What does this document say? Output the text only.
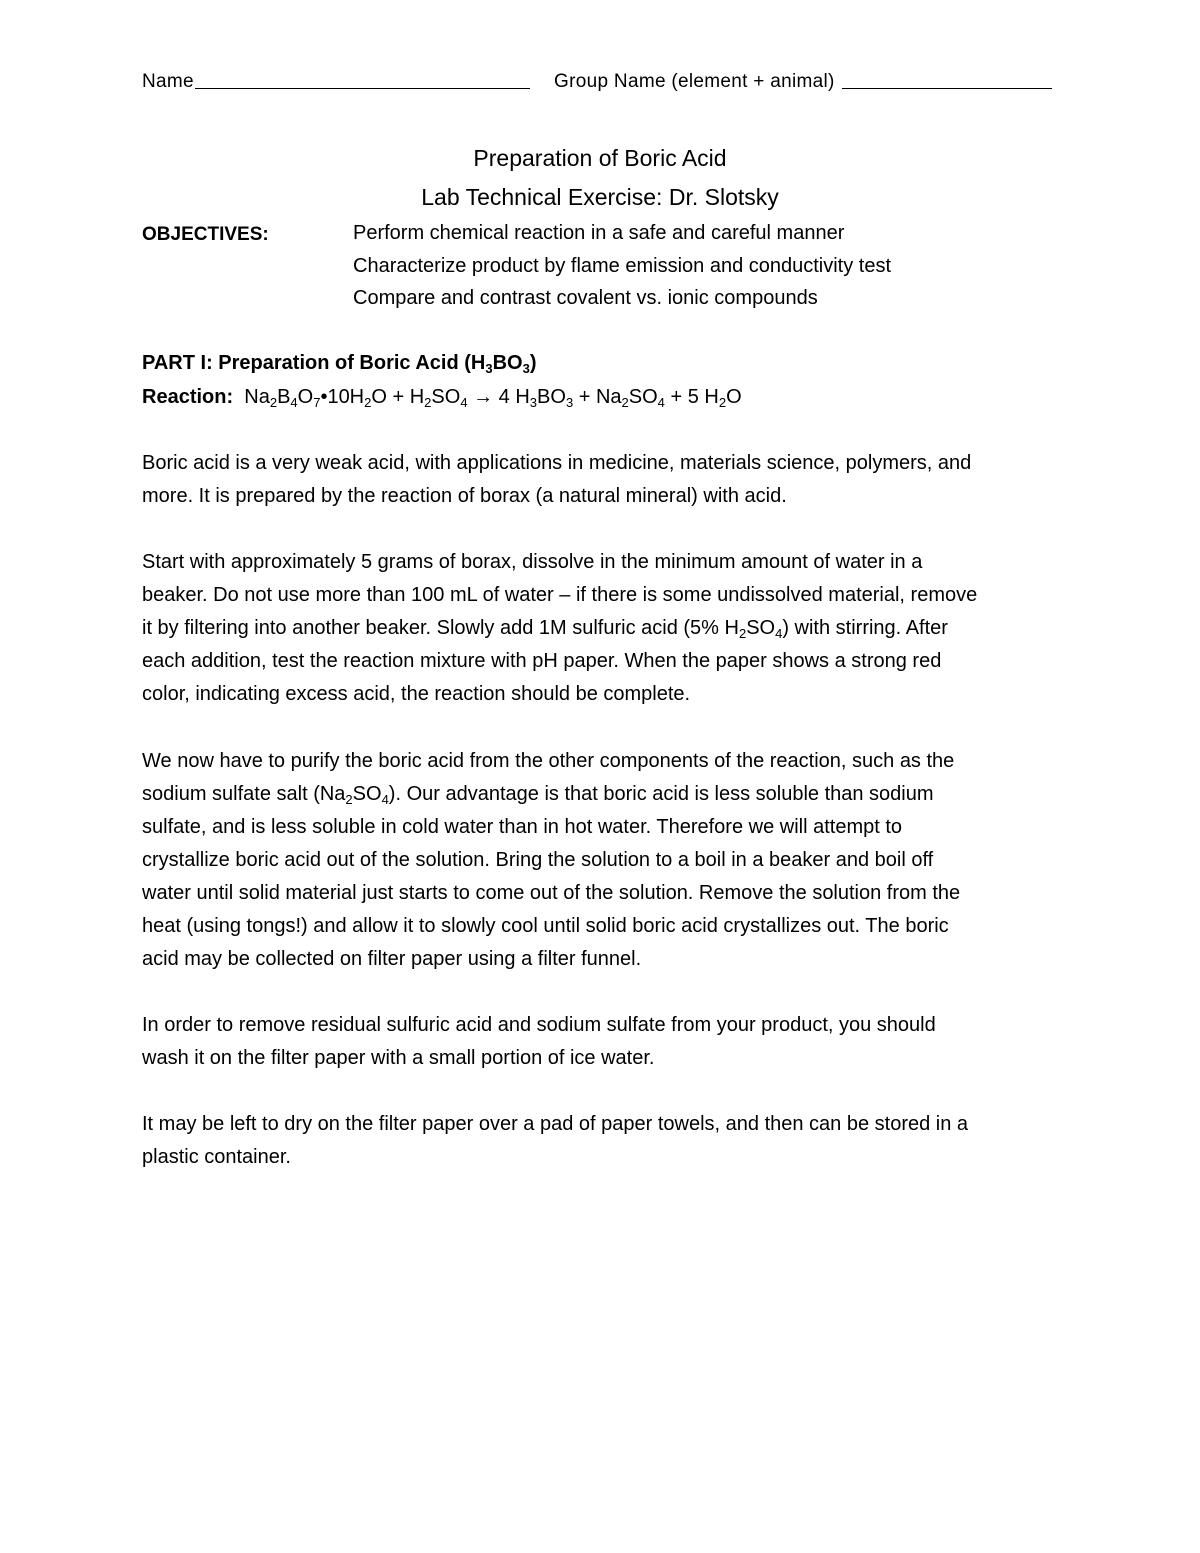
Name	Group Name (element + animal)
Preparation of Boric Acid
Lab Technical Exercise: Dr. Slotsky
OBJECTIVES:	Perform chemical reaction in a safe and careful manner
Characterize product by flame emission and conductivity test
Compare and contrast covalent vs. ionic compounds
PART I: Preparation of Boric Acid $(H_3BO_3)$
Reaction: $Na_2B_4O_7•10H_2O + H_2SO_4 \to 4$ $H_3BO_3 + Na_2SO_4 + 5$ $H_2O$

Boric acid is a very weak acid, with applications in medicine, materials science, polymers, and
more. It is prepared by the reaction of borax (a natural mineral) with acid.

Start with approximately 5 grams of borax, dissolve in the minimum amount of water in a
beaker. Do not use more than 100 mL of water – if there is some undissolved material, remove
it by filtering into another beaker. Slowly add 1M sulfuric acid (5% $H_2SO_4$) with stirring. After
each addition, test the reaction mixture with pH paper. When the paper shows a strong red
color, indicating excess acid, the reaction should be complete.

We now have to purify the boric acid from the other components of the reaction, such as the
sodium sulfate salt $(Na_2SO_4)$. Our advantage is that boric acid is less soluble than sodium
sulfate, and is less soluble in cold water than in hot water. Therefore we will attempt to
crystallize boric acid out of the solution. Bring the solution to a boil in a beaker and boil off
water until solid material just starts to come out of the solution. Remove the solution from the
heat (using tongs!) and allow it to slowly cool until solid boric acid crystallizes out. The boric
acid may be collected on filter paper using a filter funnel.

In order to remove residual sulfuric acid and sodium sulfate from your product, you should
wash it on the filter paper with a small portion of ice water.

It may be left to dry on the filter paper over a pad of paper towels, and then can be stored in a
plastic container.
